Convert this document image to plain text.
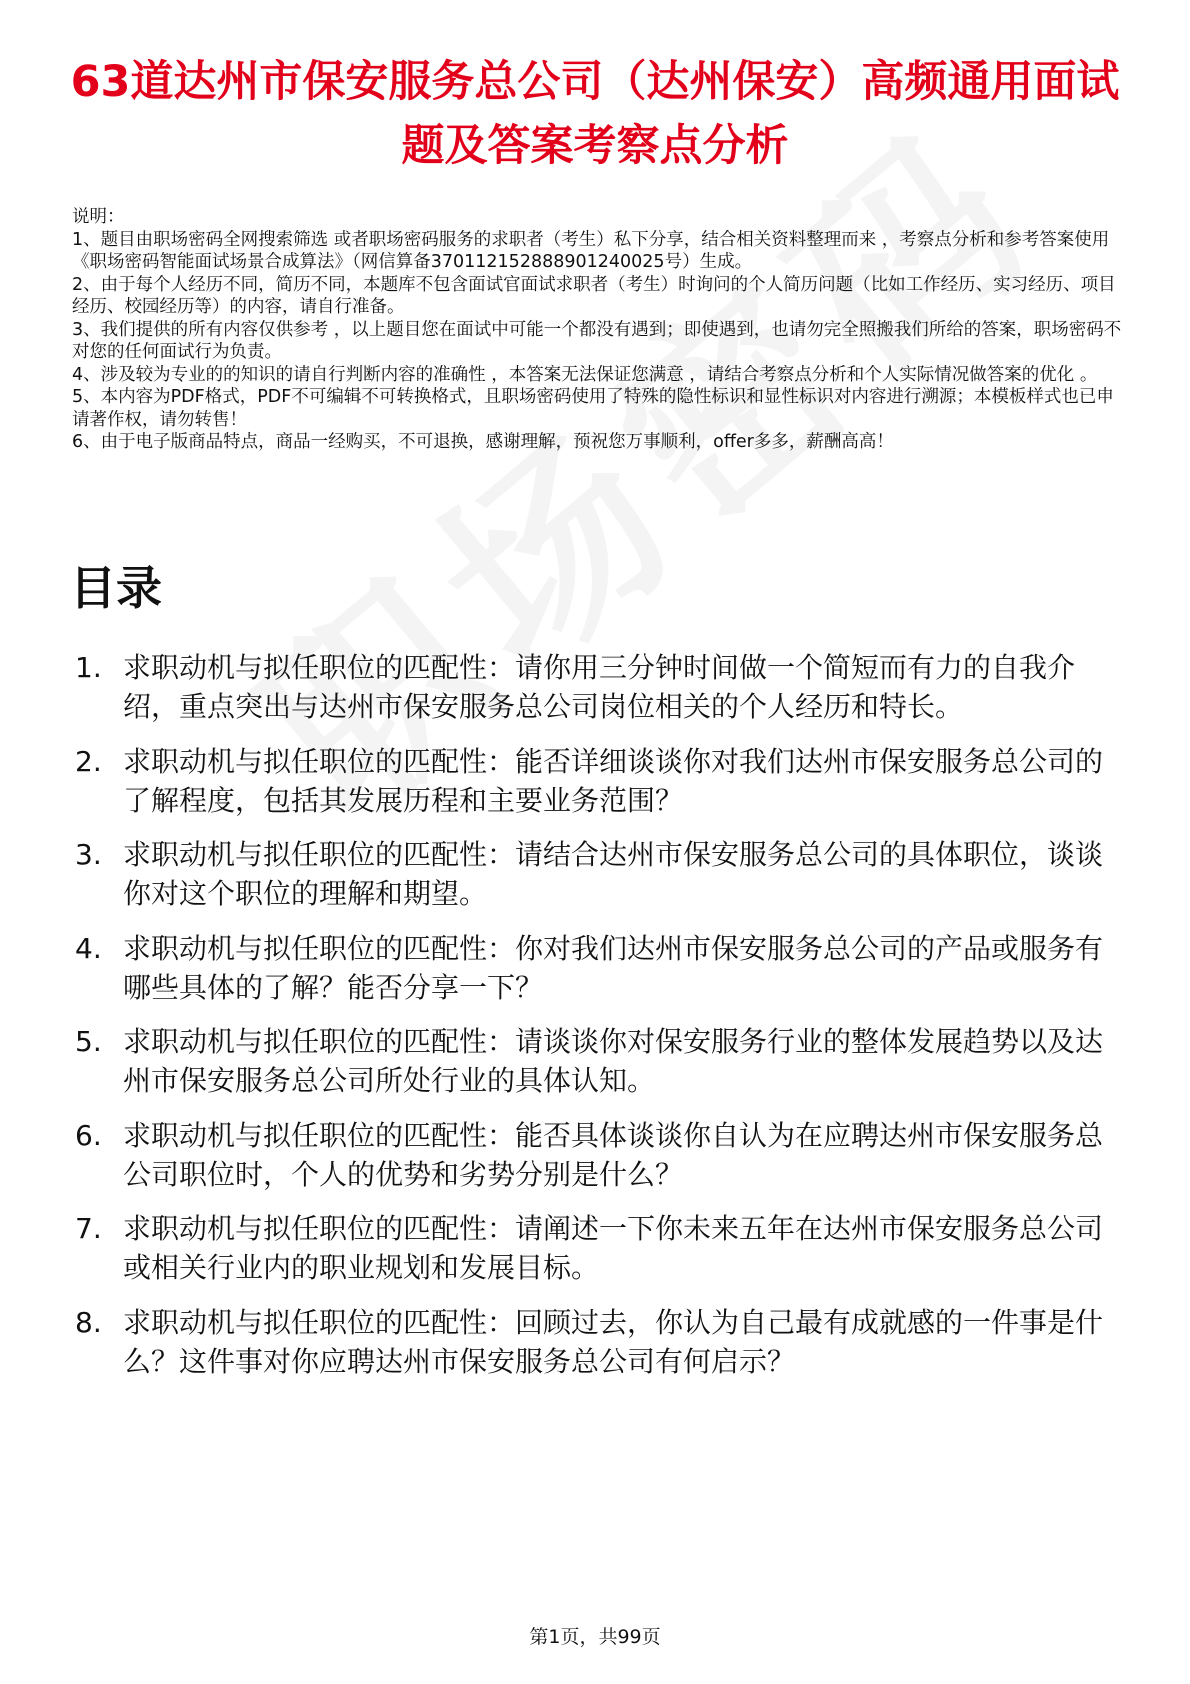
63道达州市保安服务总公司（达州保安）高频通用面试题及答案考察点分析

说明：

1、题目由职场密码全网搜索筛选 或者职场密码服务的求职者（考生）私下分享，结合相关资料整理而来 ，考察点分析和参考答案使用《职场密码智能面试场景合成算法》（网信算备370112152888901240025号）生成。

2、由于每个人经历不同，简历不同，本题库不包含面试官面试求职者（考生）时询问的个人简历问题（比如工作经历、实习经历、项目经历、校园经历等）的内容，请自行准备。

3、我们提供的所有内容仅供参考 ，以上题目您在面试中可能一个都没有遇到；即使遇到，也请勿完全照搬我们所给的答案，职场密码不对您的任何面试行为负责。

4、涉及较为专业的的知识的请自行判断内容的准确性 ，本答案无法保证您满意 ，请结合考察点分析和个人实际情况做答案的优化 。

5、本内容为PDF格式，PDF不可编辑不可转换格式，且职场密码使用了特殊的隐性标识和显性标识对内容进行溯源；本模板样式也已申请著作权，请勿转售！

6、由于电子版商品特点，商品一经购买，不可退换，感谢理解，预祝您万事顺利，offer多多，薪酬高高！

目录
1. 求职动机与拟任职位的匹配性：请你用三分钟时间做一个简短而有力的自我介绍，重点突出与达州市保安服务总公司岗位相关的个人经历和特长。
2. 求职动机与拟任职位的匹配性：能否详细谈谈你对我们达州市保安服务总公司的了解程度，包括其发展历程和主要业务范围？
3. 求职动机与拟任职位的匹配性：请结合达州市保安服务总公司的具体职位，谈谈你对这个职位的理解和期望。
4. 求职动机与拟任职位的匹配性：你对我们达州市保安服务总公司的产品或服务有哪些具体的了解？能否分享一下？
5. 求职动机与拟任职位的匹配性：请谈谈你对保安服务行业的整体发展趋势以及达州市保安服务总公司所处行业的具体认知。
6. 求职动机与拟任职位的匹配性：能否具体谈谈你自认为在应聘达州市保安服务总公司职位时，个人的优势和劣势分别是什么？
7. 求职动机与拟任职位的匹配性：请阐述一下你未来五年在达州市保安服务总公司或相关行业内的职业规划和发展目标。
8. 求职动机与拟任职位的匹配性：回顾过去，你认为自己最有成就感的一件事是什么？这件事对你应聘达州市保安服务总公司有何启示？
第1页，共99页
